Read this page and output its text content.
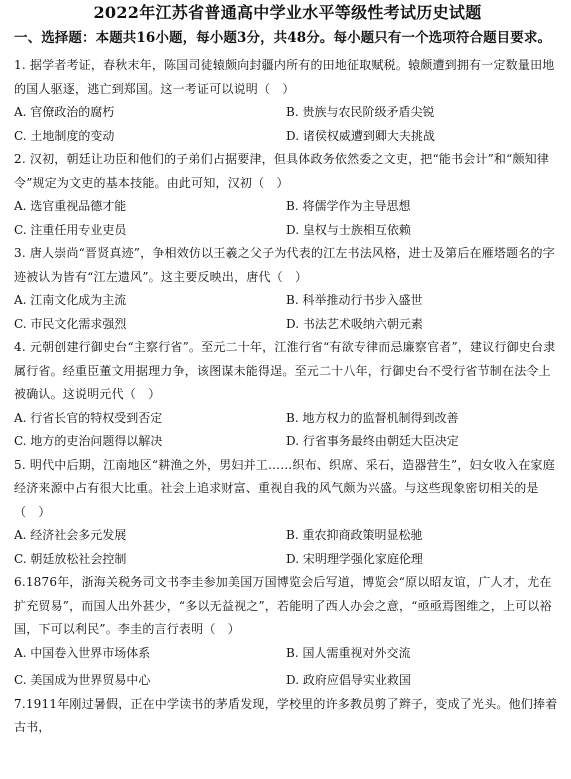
2022年江苏省普通高中学业水平等级性考试历史试题
一、选择题：本题共16小题，每小题3分，共48分。每小题只有一个选项符合题目要求。

1. 据学者考证，春秋末年，陈国司徒辕颇向封疆内所有的田地征取赋税。辕颇遭到拥有一定数量田地的国人驱逐，逃亡到郑国。这一考证可以说明（　）

A. 官僚政治的腐朽	B. 贵族与农民阶级矛盾尖锐
C. 土地制度的变动	D. 诸侯权威遭到卿大夫挑战

2. 汉初，朝廷让功臣和他们的子弟们占据要津，但具体政务依然委之文吏，把“能书会计”和“颇知律令”规定为文吏的基本技能。由此可知，汉初（　）

A. 选官重视品德才能	B. 将儒学作为主导思想
C. 注重任用专业吏员	D. 皇权与士族相互依赖

3. 唐人崇尚“晋贤真迹”，争相效仿以王羲之父子为代表的江左书法风格，进士及第后在雁塔题名的字迹被认为皆有“江左遗风”。这主要反映出，唐代（　）

A. 江南文化成为主流	B. 科举推动行书步入盛世
C. 市民文化需求强烈	D. 书法艺术吸纳六朝元素

4. 元朝创建行御史台“主察行省”。至元二十年，江淮行省“有欲专律而忌廉察官者”，建议行御史台隶属行省。经重臣董文用据理力争，该图谋未能得逞。至元二十八年，行御史台不受行省节制在法令上被确认。这说明元代（　）

A. 行省长官的特权受到否定	B. 地方权力的监督机制得到改善
C. 地方的吏治问题得以解决	D. 行省事务最终由朝廷大臣决定

5. 明代中后期，江南地区“耕渔之外，男妇并工……织布、织席、采石，造器营生”，妇女收入在家庭经济来源中占有很大比重。社会上追求财富、重视自我的风气颇为兴盛。与这些现象密切相关的是（　）

A. 经济社会多元发展	B. 重农抑商政策明显松驰
C. 朝廷放松社会控制	D. 宋明理学强化家庭伦理

6.1876年，浙海关税务司文书李圭参加美国万国博览会后写道，博览会“原以昭友谊，广人才，尤在扩充贸易”，而国人出外甚少，“多以无益视之”，若能明了西人办会之意，“亟亟焉图维之，上可以裕国，下可以利民”。李圭的言行表明（　）

A. 中国卷入世界市场体系	B. 国人需重视对外交流
C. 美国成为世界贸易中心	D. 政府应倡导实业救国

7.1911年刚过暑假，正在中学读书的茅盾发现，学校里的许多教员剪了辫子，变成了光头。他们捧着古书，
